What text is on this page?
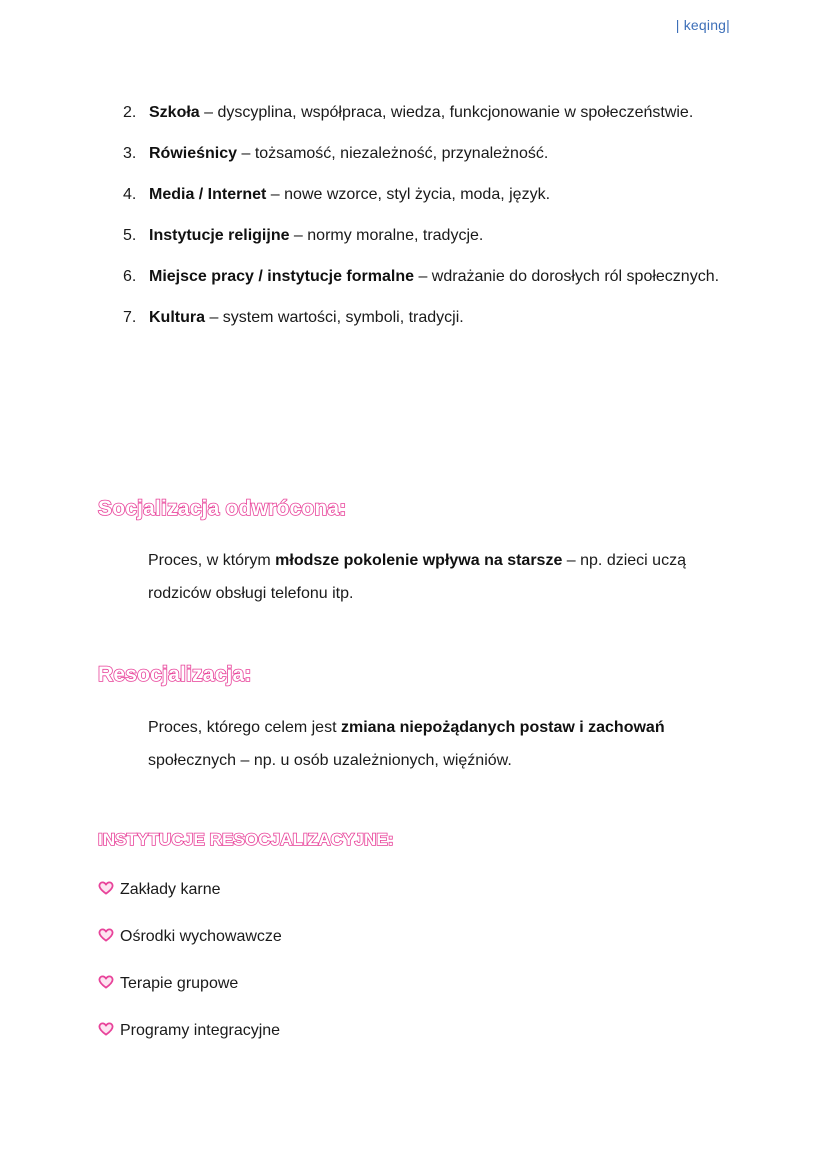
| keqing|
2. Szkoła – dyscyplina, współpraca, wiedza, funkcjonowanie w społeczeństwie.
3. Rówieśnicy – tożsamość, niezależność, przynależność.
4. Media / Internet – nowe wzorce, styl życia, moda, język.
5. Instytucje religijne – normy moralne, tradycje.
6. Miejsce pracy / instytucje formalne – wdrażanie do dorosłych ról społecznych.
7. Kultura – system wartości, symboli, tradycji.
Socjalizacja odwrócona:

Proces, w którym młodsze pokolenie wpływa na starsze – np. dzieci uczą rodziców obsługi telefonu itp.

Resocjalizacja:

Proces, którego celem jest zmiana niepożądanych postaw i zachowań społecznych – np. u osób uzależnionych, więźniów.

INSTYTUCJE RESOCJALIZACYJNE:
Zakłady karne
Ośrodki wychowawcze
Terapie grupowe
Programy integracyjne
